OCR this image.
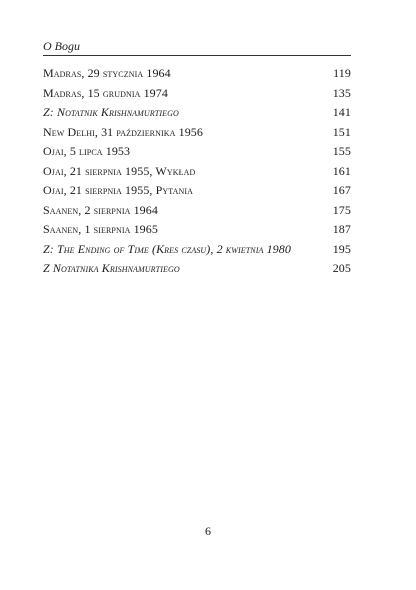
O Bogu
Madras, 29 stycznia 1964	119
Madras, 15 grudnia 1974	135
Z: Notatnik Krishnamurtiego	141
New Delhi, 31 października 1956	151
Ojai, 5 lipca 1953	155
Ojai, 21 sierpnia 1955, Wykład	161
Ojai, 21 sierpnia 1955, Pytania	167
Saanen, 2 sierpnia 1964	175
Saanen, 1 sierpnia 1965	187
Z: The Ending of Time (Kres czasu), 2 kwietnia 1980	195
Z Notatnika Krishnamurtiego	205
6
